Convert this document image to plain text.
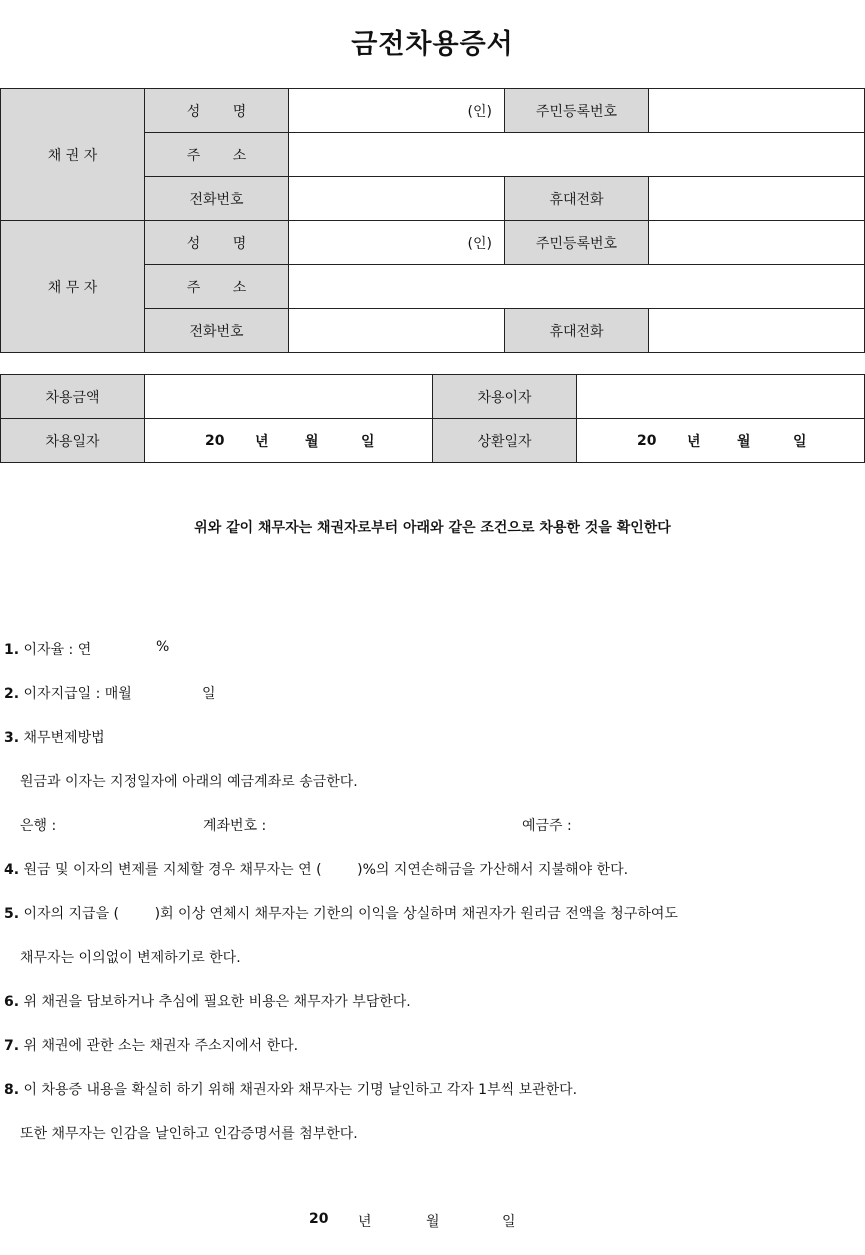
금전차용증서
채 권 자
성 명	(인)	주민등록번호
주 소
전화번호	휴대전화
채 무 자
성 명	(인)	주민등록번호
주 소
전화번호	휴대전화
차용금액	차용이자
차용일자	20 년	월	일	상환일자	20 년	월	일
위와 같이 채무자는 채권자로부터 아래와 같은 조건으로 차용한 것을 확인한다
1. 이자율 : 연	%
2. 이자지급일 : 매월	일
3. 채무변제방법
원금과 이자는 지정일자에 아래의 예금계좌로 송금한다.
은행 :	계좌번호 :	예금주 :
4. 원금 및 이자의 변제를 지체할 경우 채무자는 연 (        )%의 지연손해금을 가산해서 지불해야 한다.
5. 이자의 지급을 (        )회 이상 연체시 채무자는 기한의 이익을 상실하며 채권자가 원리금 전액을 청구하여도
채무자는 이의없이 변제하기로 한다.
6. 위 채권을 담보하거나 추심에 필요한 비용은 채무자가 부담한다.
7. 위 채권에 관한 소는 채권자 주소지에서 한다.
8. 이 차용증 내용을 확실히 하기 위해 채권자와 채무자는 기명 날인하고 각자 1부씩 보관한다.
또한 채무자는 인감을 날인하고 인감증명서를 첨부한다.
20 년	월	일
